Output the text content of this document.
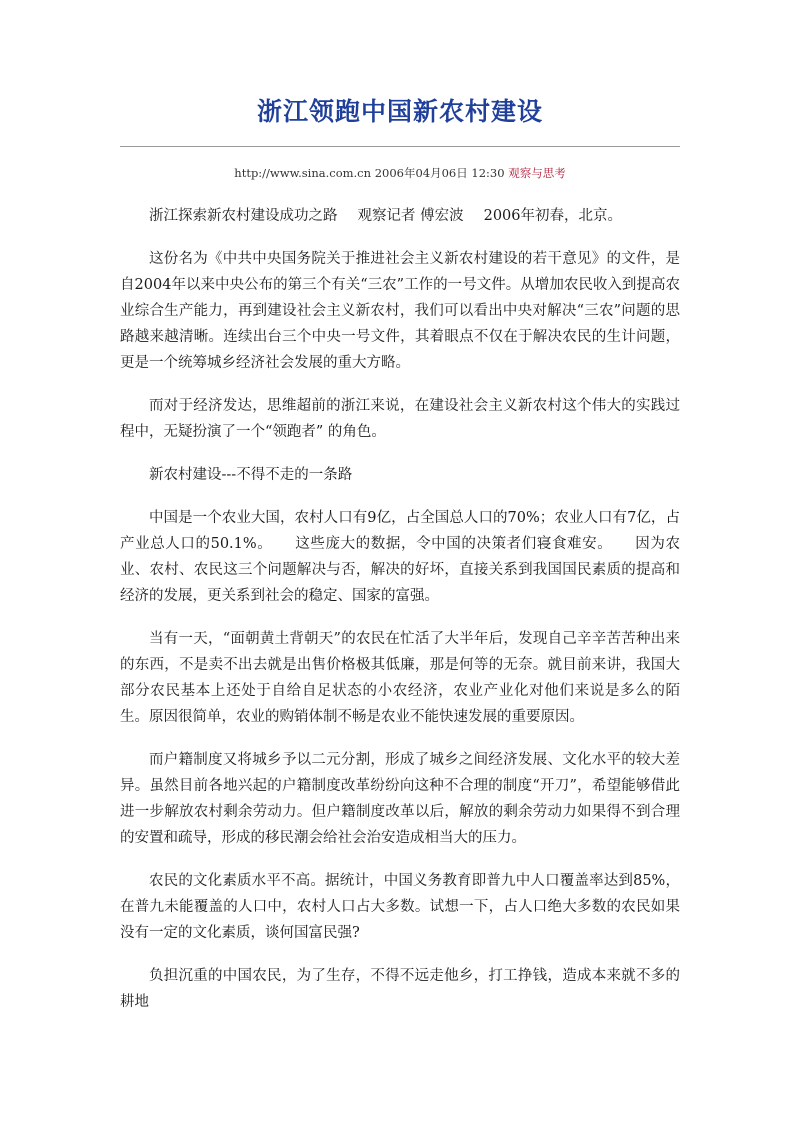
浙江领跑中国新农村建设
http://www.sina.com.cn 2006年04月06日 12:30 观察与思考

浙江探索新农村建设成功之路 观察记者 傅宏波 2006年初春，北京。

这份名为《中共中央国务院关于推进社会主义新农村建设的若干意见》的文件，是自2004年以来中央公布的第三个有关“三农”工作的一号文件。从增加农民收入到提高农业综合生产能力，再到建设社会主义新农村，我们可以看出中央对解决“三农”问题的思路越来越清晰。连续出台三个中央一号文件，其着眼点不仅在于解决农民的生计问题，更是一个统筹城乡经济社会发展的重大方略。

而对于经济发达，思维超前的浙江来说，在建设社会主义新农村这个伟大的实践过程中，无疑扮演了一个“领跑者” 的角色。

新农村建设---不得不走的一条路

中国是一个农业大国，农村人口有9亿，占全国总人口的70%；农业人口有7亿，占产业总人口的50.1%。　　这些庞大的数据，令中国的决策者们寝食难安。　　因为农业、农村、农民这三个问题解决与否，解决的好坏，直接关系到我国国民素质的提高和经济的发展，更关系到社会的稳定、国家的富强。

当有一天，“面朝黄土背朝天”的农民在忙活了大半年后，发现自己辛辛苦苦种出来的东西，不是卖不出去就是出售价格极其低廉，那是何等的无奈。就目前来讲，我国大部分农民基本上还处于自给自足状态的小农经济，农业产业化对他们来说是多么的陌生。原因很简单，农业的购销体制不畅是农业不能快速发展的重要原因。

而户籍制度又将城乡予以二元分割，形成了城乡之间经济发展、文化水平的较大差异。虽然目前各地兴起的户籍制度改革纷纷向这种不合理的制度“开刀”，希望能够借此进一步解放农村剩余劳动力。但户籍制度改革以后，解放的剩余劳动力如果得不到合理的安置和疏导，形成的移民潮会给社会治安造成相当大的压力。

农民的文化素质水平不高。据统计，中国义务教育即普九中人口覆盖率达到85%，在普九未能覆盖的人口中，农村人口占大多数。试想一下，占人口绝大多数的农民如果没有一定的文化素质，谈何国富民强?

负担沉重的中国农民，为了生存，不得不远走他乡，打工挣钱，造成本来就不多的耕地
